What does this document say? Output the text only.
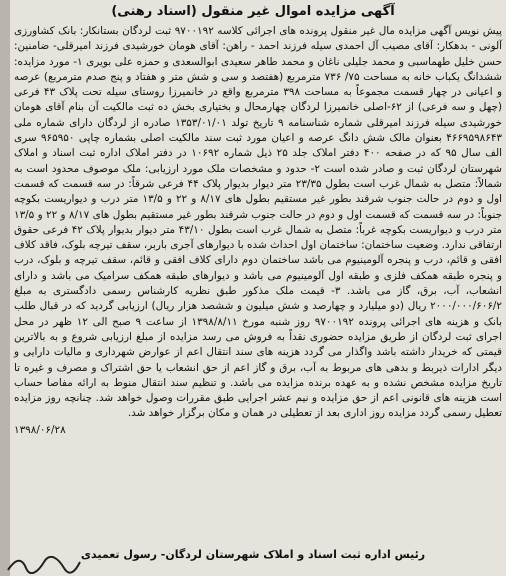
آگهی مزایده اموال غیر منقول (اسناد رهنی)

پیش نویس آگهی مزایده مال غیر منقول پرونده های اجرائی کلاسه ۹۷۰۰۱۹۲ ثبت لردگان بستانکار: بانک کشاورزی آلونی - بدهکار: آقای مصیب آل احمدی سیله فرزند احمد - راهن: آقای هومان خورشیدی فرزند امیرقلی- ضامنین: حسن خلیل طهماسبی و محمد جلیلی ناغان و محمد طاهر سعیدی ابوالسعدی و حمزه علی بویری ۱- مورد مزایده: ششدانگ یکباب خانه به مساحت ۷۵/ ۷۳۶ مترمربع (هفتصد و سی و شش متر و هفتاد و پنج صدم مترمربع) عرصه و اعیانی در چهار قسمت مجموعاً به مساحت ۳۹۸ مترمربع واقع در خانمیرزا روستای سیله تحت پلاک ۴۳ فرعی (چهل و سه فرعی) از ۶۲-اصلی خانمیرزا لردگان چهارمحال و بختیاری بخش ده ثبت مالکیت آن بنام آقای هومان خورشیدی سیله فرزند امیرقلی شماره شناسنامه ۹ تاریخ تولد ۱۳۵۳/۰۱/۰۱ صادره از لردگان دارای شماره ملی ۴۶۶۹۵۹۸۶۴۳ بعنوان مالک شش دانگ عرصه و اعیان مورد ثبت سند مالکیت اصلی بشماره چاپی ۹۶۵۹۵۰ سری الف سال ۹۵ که در صفحه ۴۰۰ دفتر املاک جلد ۲۵ ذیل شماره ۱۰۶۹۲ در دفتر املاک اداره ثبت اسناد و املاک شهرستان لردگان ثبت و صادر شده است ۲- حدود و مشخصات ملک مورد ارزیابی: ملک موصوف محدود است به شمالاً: متصل به شمال غرب است بطول ۲۳/۳۵ متر دیوار بدیوار پلاک ۴۴ فرعی شرقاً: در سه قسمت که قسمت اول و دوم در حالت جنوب شرقند بطور غیر مستقیم بطول های ۸/۱۷ و ۲۲ و ۱۳/۵ متر درب و دیواریست بکوچه جنوباً: در سه قسمت که قسمت اول و دوم در حالت جنوب شرقند بطور غیر مستقیم بطول های ۸/۱۷ و ۲۲ و ۱۳/۵ متر درب و دیواریست بکوچه غرباً: متصل به شمال غرب است بطول ۴۳/۱۰ متر دیوار بدیوار پلاک ۴۲ فرعی حقوق ارتفاقی ندارد. وضعیت ساختمان: ساختمان اول احداث شده با دیوارهای آجری باربر، سقف تیرچه بلوک، فاقد کلاف افقی و قائم، درب و پنجره آلومینیوم می باشد ساختمان دوم دارای کلاف افقی و قائم، سقف تیرچه و بلوک، درب و پنجره طبقه همکف فلزی و طبقه اول آلومینیوم می باشد و دیوارهای طبقه همکف سرامیک می باشد و دارای انشعاب، آب، برق، گاز می باشد. ۳- قیمت ملک مذکور طبق نظریه کارشناس رسمی دادگستری به مبلغ ۲۰۰۰/۰۰۰/۶۰۶/۲ ریال (دو میلیارد و چهارصد و شش میلیون و ششصد هزار ریال) ارزیابی گردید که در قبال طلب بانک و هزینه های اجرائی پرونده ۹۷۰۰۱۹۲ روز شنبه مورخ ۱۳۹۸/۸/۱۱ از ساعت ۹ صبح الی ۱۲ ظهر در محل اجرای ثبت لردگان از طریق مزایده حضوری نقداً به فروش می رسد مزایده از مبلغ ارزیابی شروع و به بالاترین قیمتی که خریدار داشته باشد واگذار می گردد هزینه های سند انتقال اعم از عوارض شهرداری و مالیات دارایی و دیگر ادارات ذیربط و بدهی های مربوط به آب، برق و گاز اعم از حق انشعاب یا حق اشتراک و مصرف و غیره تا تاریخ مزایده مشخص نشده و به عهده برنده مزایده می باشد. و تنظیم سند انتقال منوط به ارائه مفاصا حساب است هزینه های قانونی اعم از حق مزایده و نیم عشر اجرایی طبق مقررات وصول خواهد شد. چنانچه روز مزایده تعطیل رسمی گردد مزایده روز اداری بعد از تعطیلی در همان و مکان برگزار خواهد شد.

۱۳۹۸/۰۶/۲۸

رئیس اداره ثبت اسناد و املاک شهرستان لردگان- رسول تعمیدی
